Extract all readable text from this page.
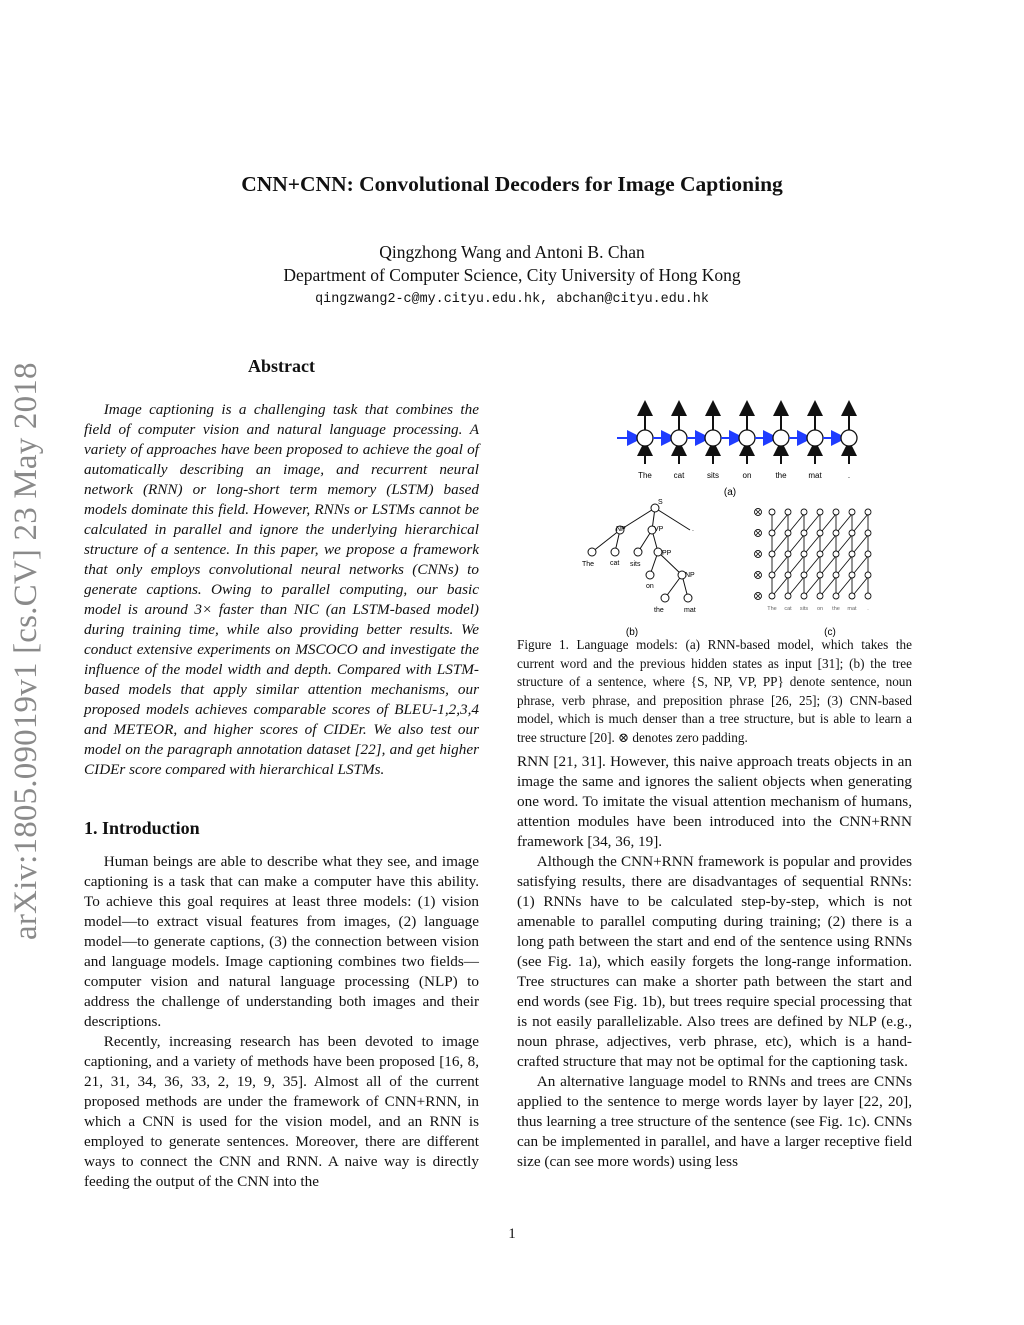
CNN+CNN: Convolutional Decoders for Image Captioning
Qingzhong Wang and Antoni B. Chan
Department of Computer Science, City University of Hong Kong
qingzwang2-c@my.cityu.edu.hk, abchan@cityu.edu.hk
arXiv:1805.09019v1 [cs.CV] 23 May 2018	Abstract

Image captioning is a challenging task that combines the field of computer vision and natural language processing. A variety of approaches have been proposed to achieve the goal of automatically describing an image, and recurrent neural network (RNN) or long-short term memory (LSTM) based models dominate this field. However, RNNs or LSTMs cannot be calculated in parallel and ignore the underlying hierarchical structure of a sentence. In this paper, we propose a framework that only employs convolutional neural networks (CNNs) to generate captions. Owing to parallel computing, our basic model is around 3× faster than NIC (an LSTM-based model) during training time, while also providing better results. We conduct extensive experiments on MSCOCO and investigate the influence of the model width and depth. Compared with LSTM-based models that apply similar attention mechanisms, our proposed models achieves comparable scores of BLEU-1,2,3,4 and METEOR, and higher scores of CIDEr. We also test our model on the paragraph annotation dataset [22], and get higher CIDEr score compared with hierarchical LSTMs.

1. Introduction

Human beings are able to describe what they see, and image captioning is a task that can make a computer have this ability. To achieve this goal requires at least three models: (1) vision model—to extract visual features from images, (2) language model—to generate captions, (3) the connection between vision and language models. Image captioning combines two fields—computer vision and natural language processing (NLP) to address the challenge of understanding both images and their descriptions.

Recently, increasing research has been devoted to image captioning, and a variety of methods have been proposed [16, 8, 21, 31, 34, 36, 33, 2, 19, 9, 35]. Almost all of the current proposed methods are under the framework of CNN+RNN, in which a CNN is used for the vision model, and an RNN is employed to generate sentences. Moreover, there are different ways to connect the CNN and RNN. A naive way is directly feeding the output of the CNN into the

The	cat	sits	on	the	mat	.
S
NP	VP
PP
NP
The cat sits
on
the	mat
.
The cat sits on the mat .
(a)
(b)	(c)
Figure 1. Language models: (a) RNN-based model, which takes the current word and the previous hidden states as input [31]; (b) the tree structure of a sentence, where {S, NP, VP, PP} denote sentence, noun phrase, verb phrase, and preposition phrase [26, 25]; (3) CNN-based model, which is much denser than a tree structure, but is able to learn a tree structure [20]. ⊗ denotes zero padding.

RNN [21, 31]. However, this naive approach treats objects in an image the same and ignores the salient objects when generating one word. To imitate the visual attention mechanism of humans, attention modules have been introduced into the CNN+RNN framework [34, 36, 19].

Although the CNN+RNN framework is popular and provides satisfying results, there are disadvantages of sequential RNNs: (1) RNNs have to be calculated step-by-step, which is not amenable to parallel computing during training; (2) there is a long path between the start and end of the sentence using RNNs (see Fig. 1a), which easily forgets the long-range information. Tree structures can make a shorter path between the start and end words (see Fig. 1b), but trees require special processing that is not easily parallelizable. Also trees are defined by NLP (e.g., noun phrase, adjectives, verb phrase, etc), which is a hand-crafted structure that may not be optimal for the captioning task.

An alternative language model to RNNs and trees are CNNs applied to the sentence to merge words layer by layer [22, 20], thus learning a tree structure of the sentence (see Fig. 1c). CNNs can be implemented in parallel, and have a larger receptive field size (can see more words) using less

1
